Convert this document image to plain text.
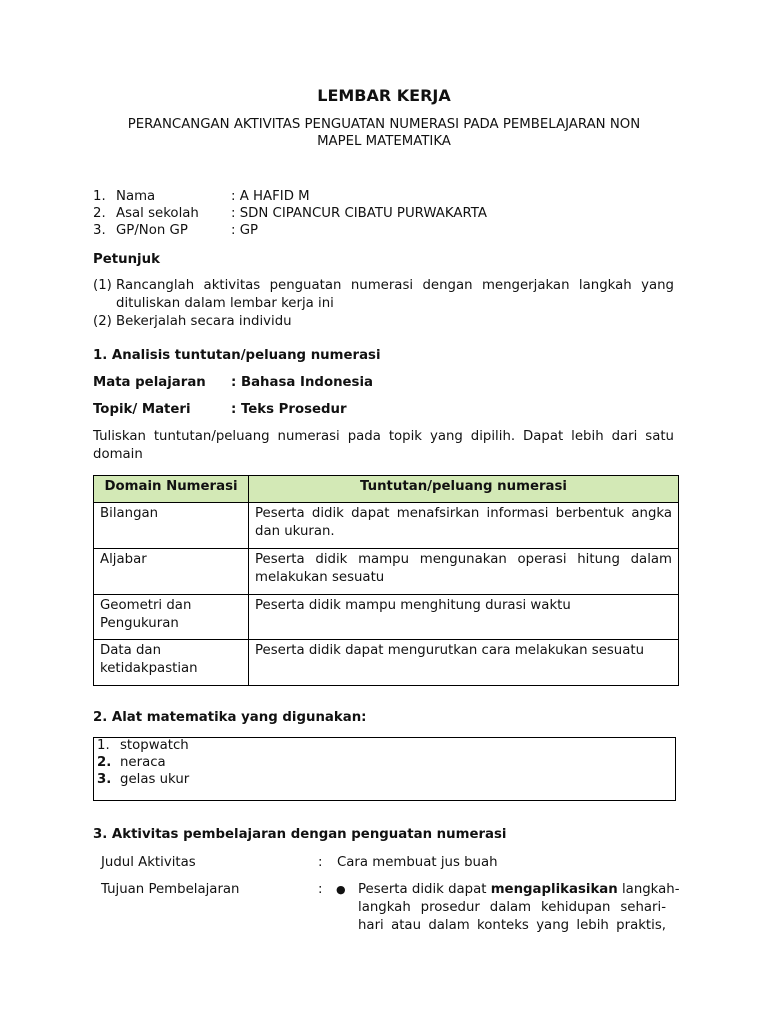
LEMBAR KERJA
PERANCANGAN AKTIVITAS PENGUATAN NUMERASI PADA PEMBELAJARAN NON
MAPEL MATEMATIKA
1. Nama	: A HAFID M
2. Asal sekolah : SDN CIPANCUR CIBATU PURWAKARTA
3. GP/Non GP	: GP
Petunjuk
(1) Rancanglah aktivitas penguatan numerasi dengan mengerjakan langkah yang
dituliskan dalam lembar kerja ini
(2) Bekerjalah secara individu
1. Analisis tuntutan/peluang numerasi
Mata pelajaran : Bahasa Indonesia
Topik/ Materi	: Teks Prosedur
Tuliskan tuntutan/peluang numerasi pada topik yang dipilih. Dapat lebih dari satu
domain
Domain Numerasi	Tuntutan/peluang numerasi
Bilangan	Peserta didik dapat menafsirkan informasi berbentuk angka
dan ukuran.

Aljabar	Peserta didik mampu mengunakan operasi hitung dalam
melakukan sesuatu

Geometri dan
Pengukuran	Peserta didik mampu menghitung durasi waktu

Data dan
ketidakpastian	Peserta didik dapat mengurutkan cara melakukan sesuatu
2. Alat matematika yang digunakan:
1. stopwatch
2. neraca
3. gelas ukur
3. Aktivitas pembelajaran dengan penguatan numerasi
Judul Aktivitas	: Cara membuat jus buah
Tujuan Pembelajaran	: ● Peserta didik dapat mengaplikasikan langkah-
langkah prosedur dalam kehidupan sehari-
hari atau dalam konteks yang lebih praktis,
